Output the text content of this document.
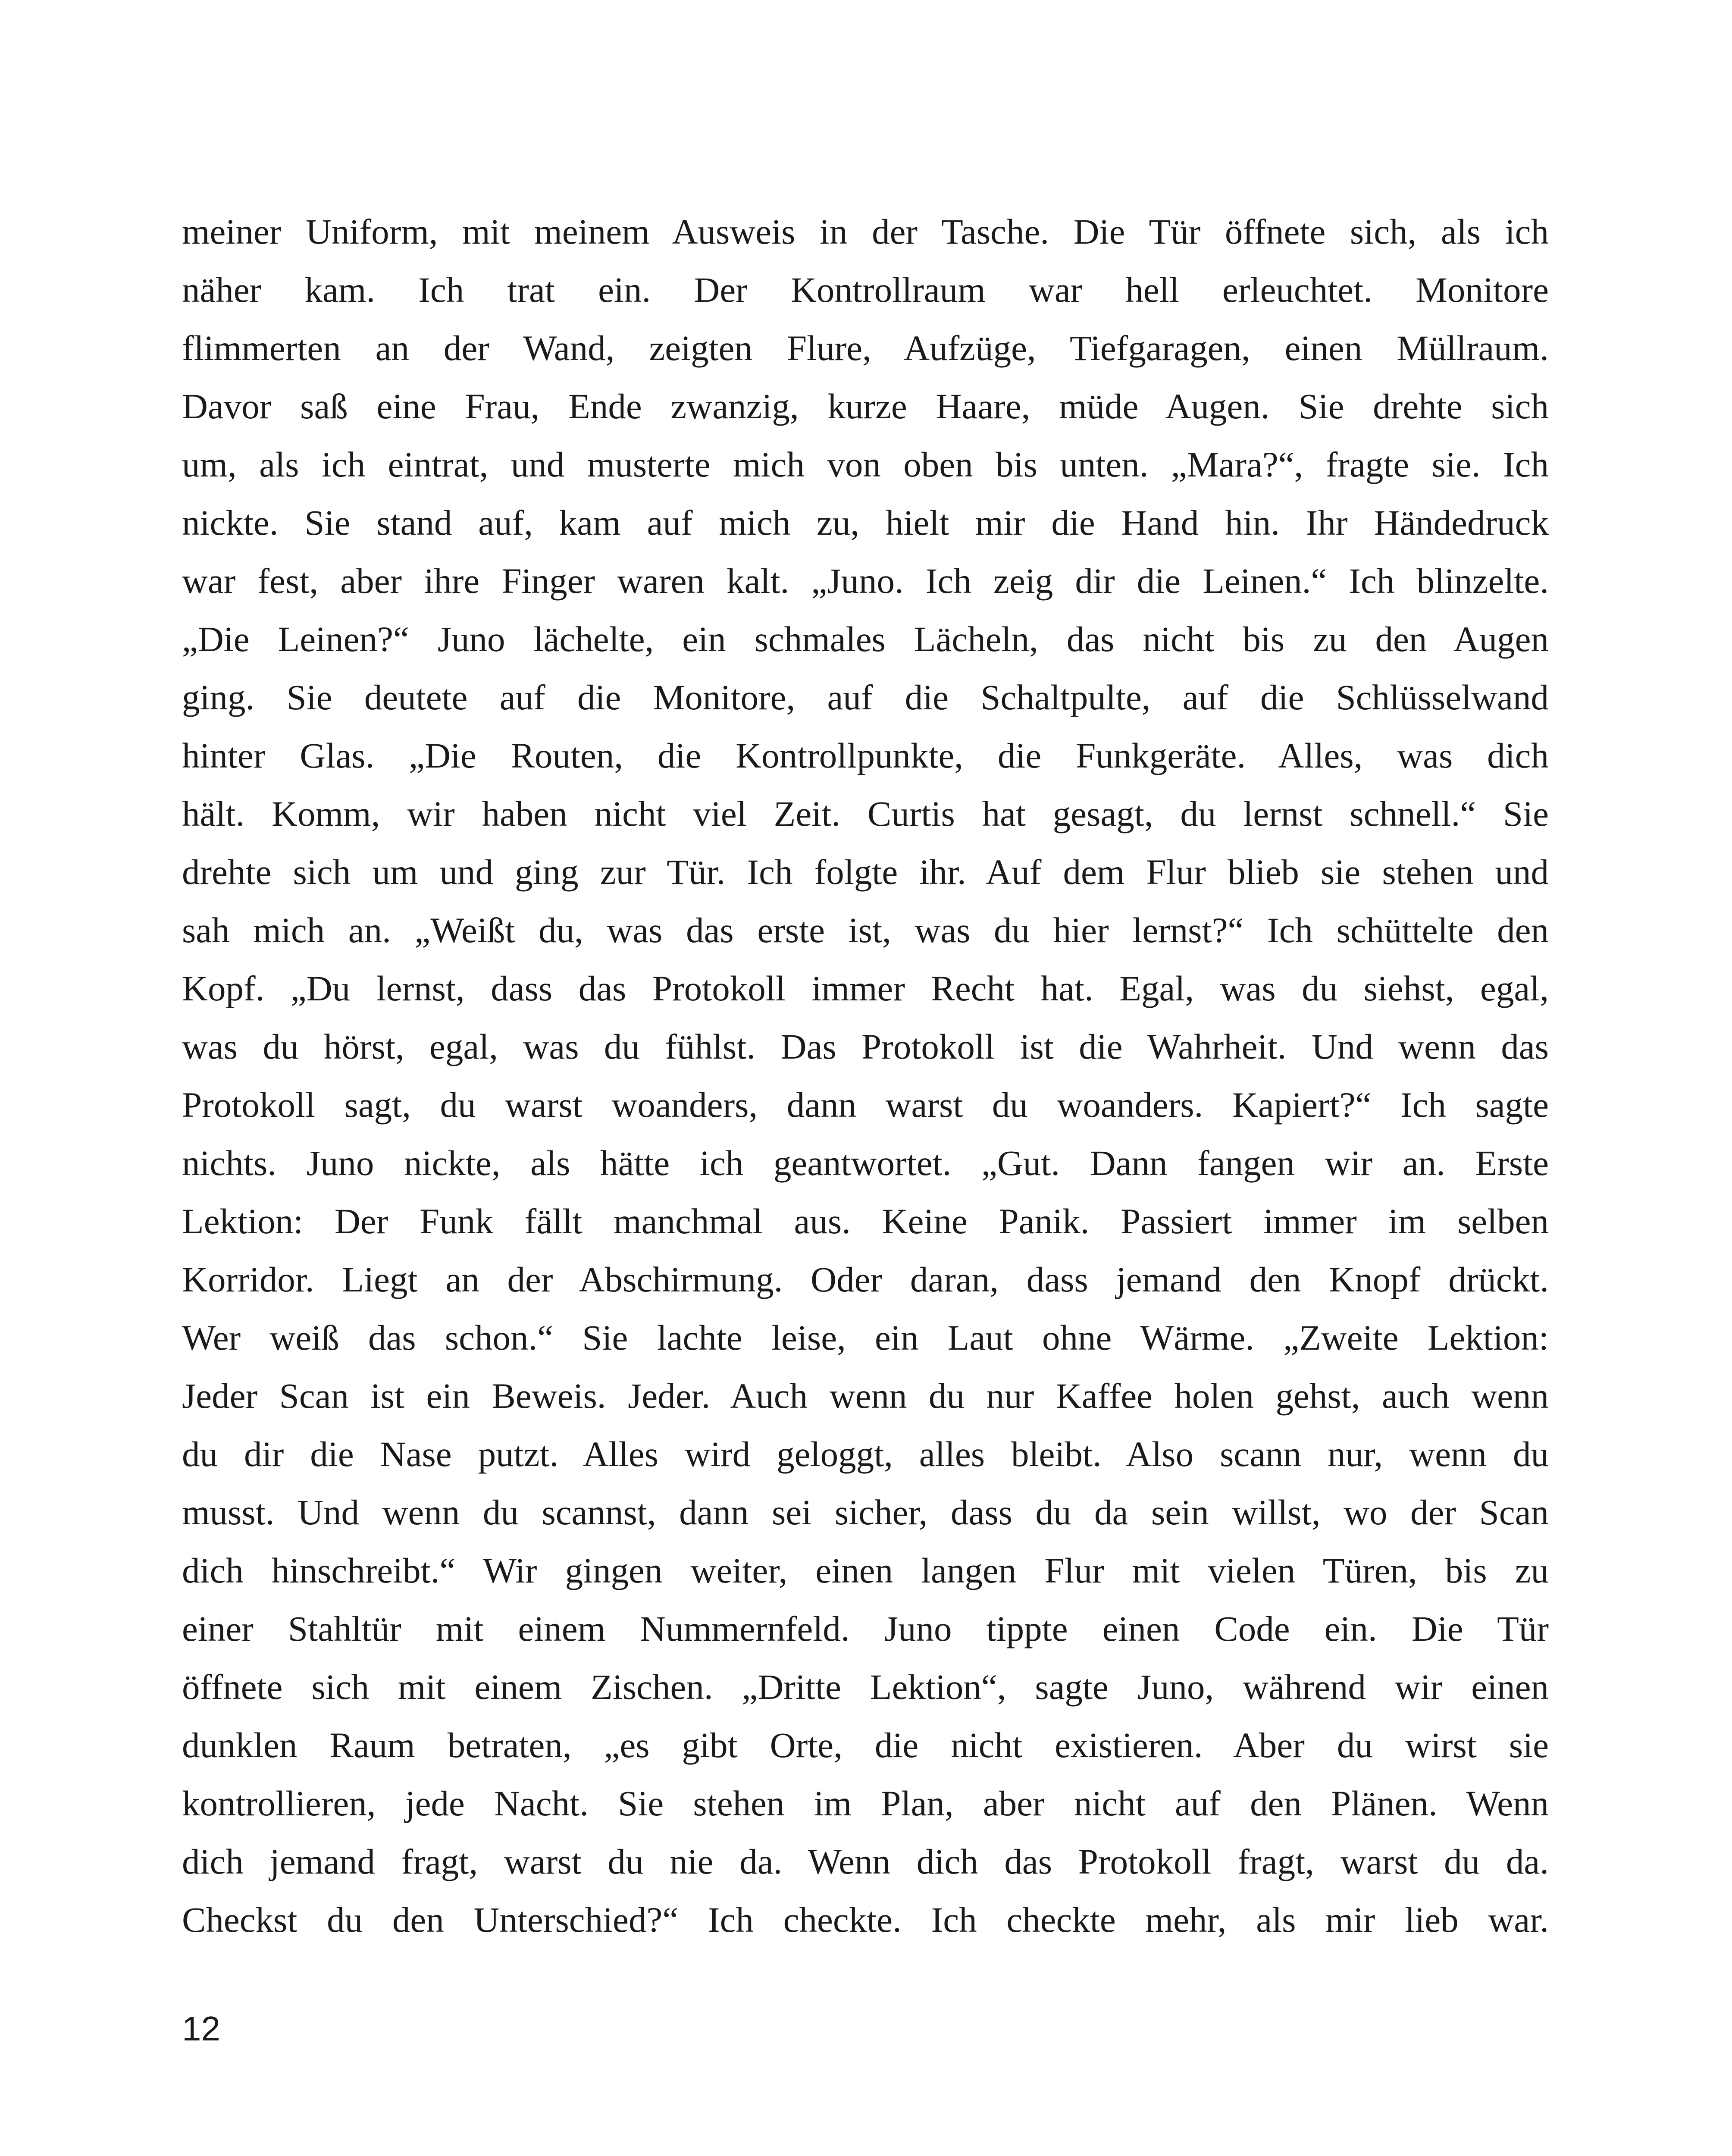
meiner Uniform, mit meinem Ausweis in der Tasche. Die Tür öffnete sich, als ich
näher kam. Ich trat ein. Der Kontrollraum war hell erleuchtet. Monitore
flimmerten an der Wand, zeigten Flure, Aufzüge, Tiefgaragen, einen Müllraum.
Davor saß eine Frau, Ende zwanzig, kurze Haare, müde Augen. Sie drehte sich
um, als ich eintrat, und musterte mich von oben bis unten. „Mara?“, fragte sie. Ich
nickte. Sie stand auf, kam auf mich zu, hielt mir die Hand hin. Ihr Händedruck
war fest, aber ihre Finger waren kalt. „Juno. Ich zeig dir die Leinen.“ Ich blinzelte.
„Die Leinen?“ Juno lächelte, ein schmales Lächeln, das nicht bis zu den Augen
ging. Sie deutete auf die Monitore, auf die Schaltpulte, auf die Schlüsselwand
hinter Glas. „Die Routen, die Kontrollpunkte, die Funkgeräte. Alles, was dich
hält. Komm, wir haben nicht viel Zeit. Curtis hat gesagt, du lernst schnell.“ Sie
drehte sich um und ging zur Tür. Ich folgte ihr. Auf dem Flur blieb sie stehen und
sah mich an. „Weißt du, was das erste ist, was du hier lernst?“ Ich schüttelte den
Kopf. „Du lernst, dass das Protokoll immer Recht hat. Egal, was du siehst, egal,
was du hörst, egal, was du fühlst. Das Protokoll ist die Wahrheit. Und wenn das
Protokoll sagt, du warst woanders, dann warst du woanders. Kapiert?“ Ich sagte
nichts. Juno nickte, als hätte ich geantwortet. „Gut. Dann fangen wir an. Erste
Lektion: Der Funk fällt manchmal aus. Keine Panik. Passiert immer im selben
Korridor. Liegt an der Abschirmung. Oder daran, dass jemand den Knopf drückt.
Wer weiß das schon.“ Sie lachte leise, ein Laut ohne Wärme. „Zweite Lektion:
Jeder Scan ist ein Beweis. Jeder. Auch wenn du nur Kaffee holen gehst, auch wenn
du dir die Nase putzt. Alles wird geloggt, alles bleibt. Also scann nur, wenn du
musst. Und wenn du scannst, dann sei sicher, dass du da sein willst, wo der Scan
dich hinschreibt.“ Wir gingen weiter, einen langen Flur mit vielen Türen, bis zu
einer Stahltür mit einem Nummernfeld. Juno tippte einen Code ein. Die Tür
öffnete sich mit einem Zischen. „Dritte Lektion“, sagte Juno, während wir einen
dunklen Raum betraten, „es gibt Orte, die nicht existieren. Aber du wirst sie
kontrollieren, jede Nacht. Sie stehen im Plan, aber nicht auf den Plänen. Wenn
dich jemand fragt, warst du nie da. Wenn dich das Protokoll fragt, warst du da.
Checkst du den Unterschied?“ Ich checkte. Ich checkte mehr, als mir lieb war.

12
